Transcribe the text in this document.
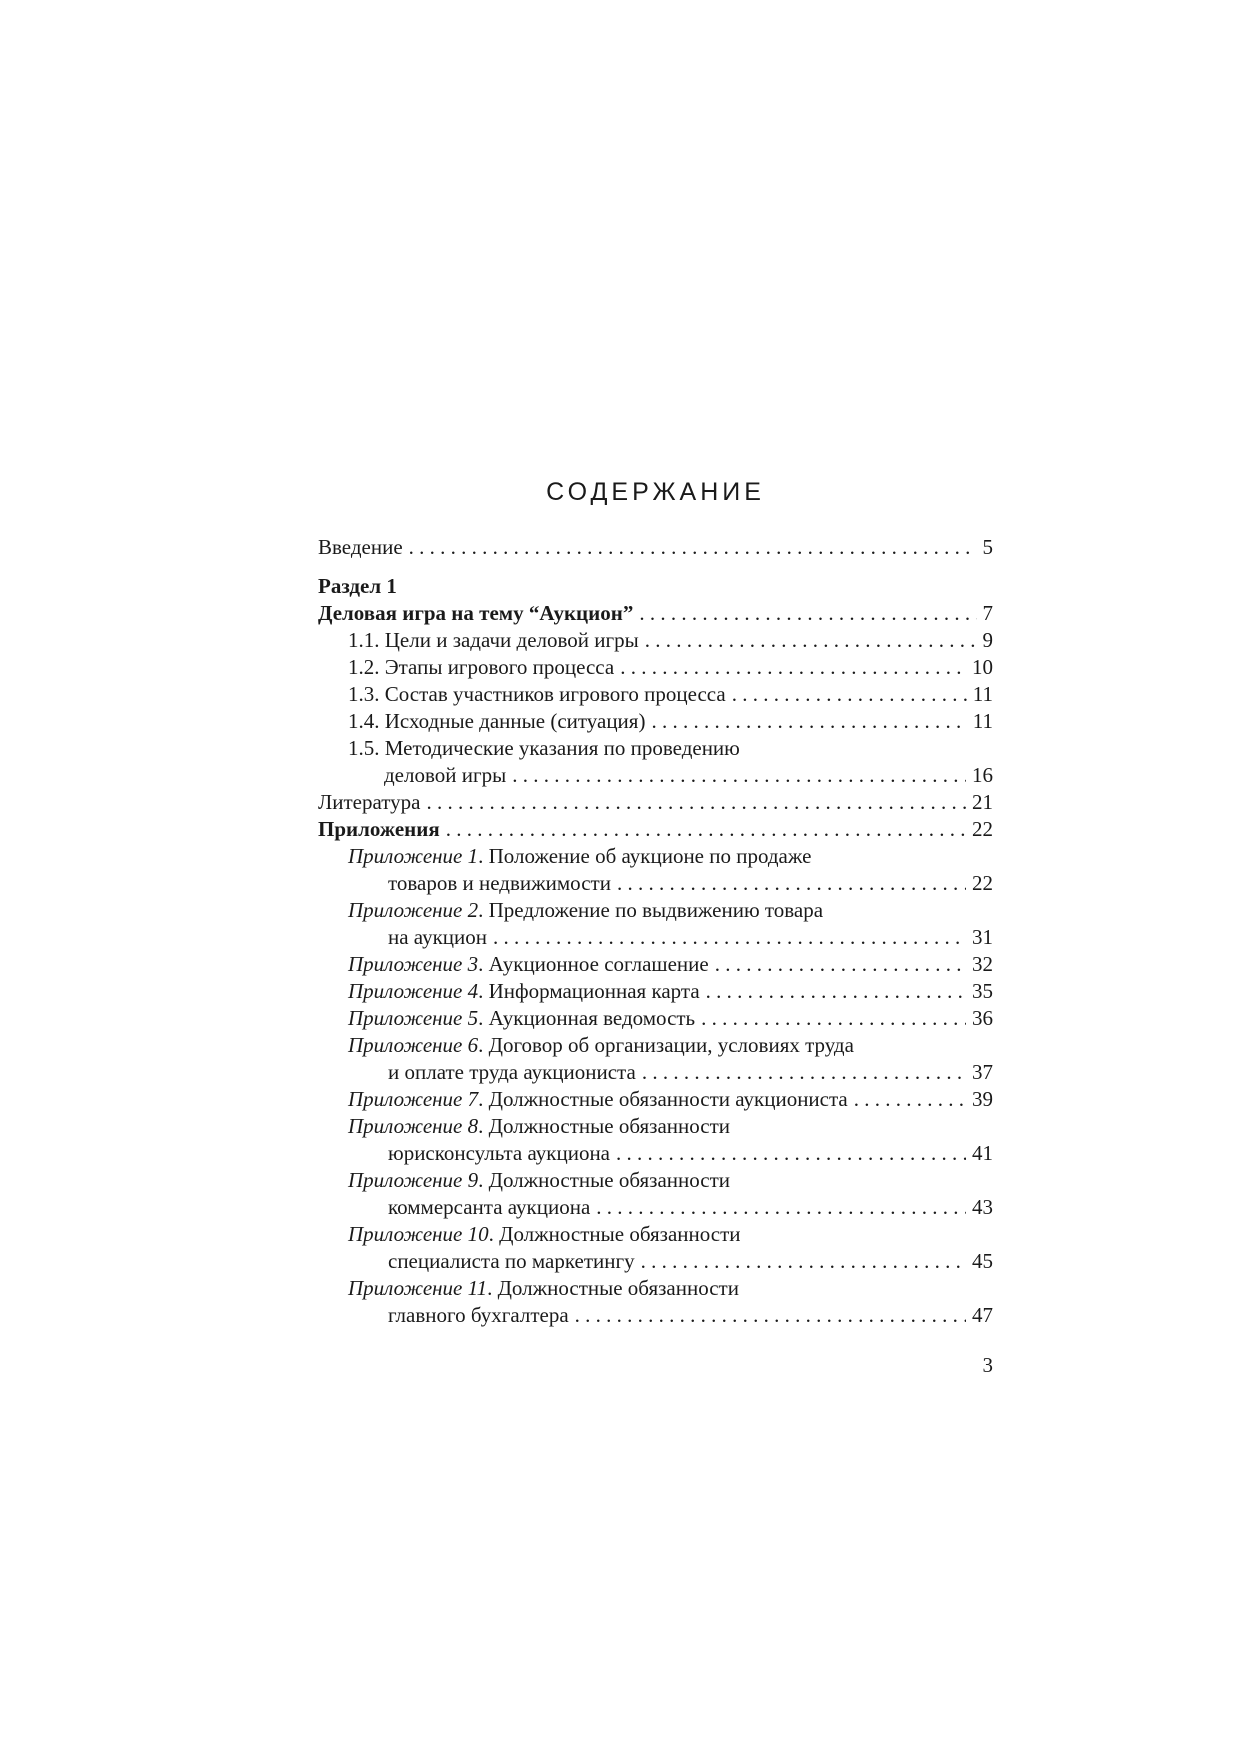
СОДЕРЖАНИЕ
Введение . . .	5
Раздел 1
Деловая игра на тему “Аукцион” . . .	7
1.1. Цели и задачи деловой игры . . .	9
1.2. Этапы игрового процесса . . .	10
1.3. Состав участников игрового процесса . . .	11
1.4. Исходные данные (ситуация) . . .	11
1.5. Методические указания по проведению
деловой игры . . .	16
Литература . . .	21
Приложения . . .	22
Приложение 1. Положение об аукционе по продаже
товаров и недвижимости . . .	22
Приложение 2. Предложение по выдвижению товара
на аукцион . . .	31
Приложение 3. Аукционное соглашение . . .	32
Приложение 4. Информационная карта . . .	35
Приложение 5. Аукционная ведомость . . .	36
Приложение 6. Договор об организации, условиях труда
и оплате труда аукциониста . . .	37
Приложение 7. Должностные обязанности аукциониста . . .	39
Приложение 8. Должностные обязанности
юрисконсульта аукциона . . .	41
Приложение 9. Должностные обязанности
коммерсанта аукциона . . .	43
Приложение 10. Должностные обязанности
специалиста по маркетингу . . .	45
Приложение 11. Должностные обязанности
главного бухгалтера . . .	47
3
